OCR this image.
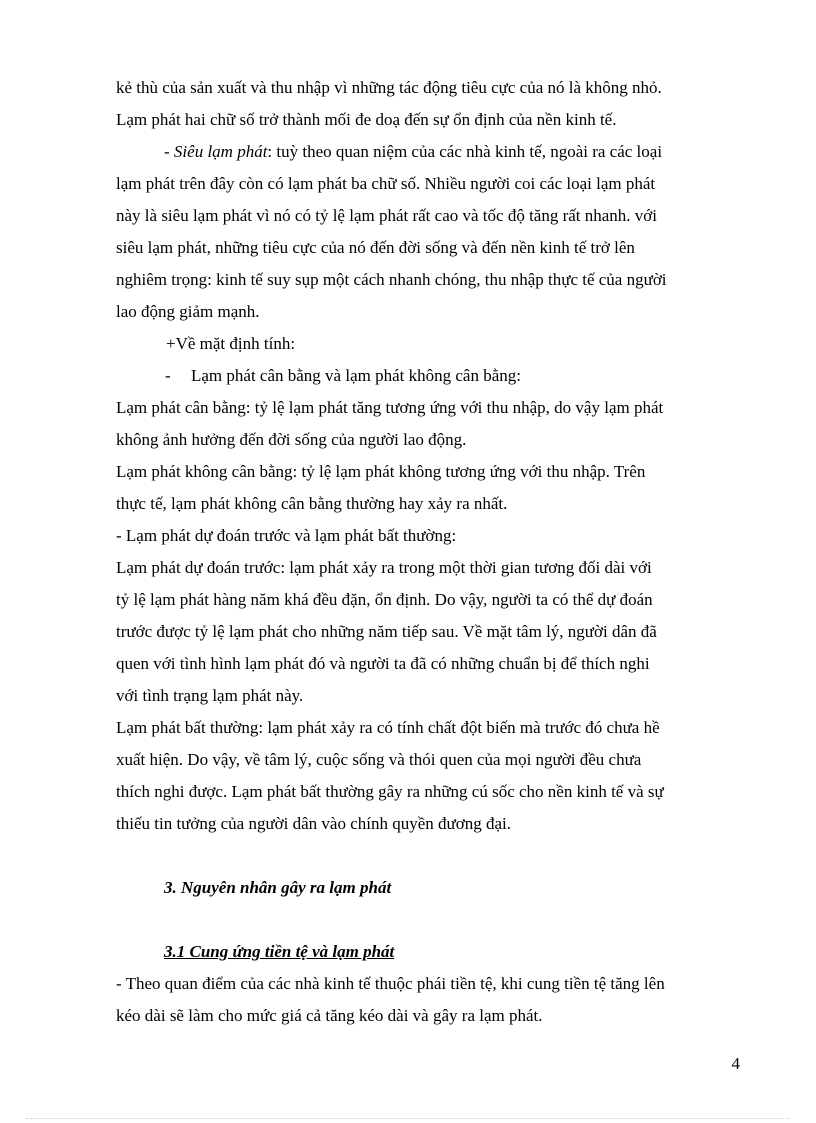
kẻ thù của sản xuất và thu nhập vì những tác động tiêu cực của nó là không nhỏ.

Lạm phát hai chữ số trở thành mối đe doạ đến sự ổn định của nền kinh tế.

- Siêu lạm phát: tuỳ theo quan niệm của các nhà kinh tế, ngoài ra các loại

lạm phát trên đây còn có lạm phát ba chữ số. Nhiều người coi các loại lạm phát

này là siêu lạm phát vì nó có tỷ lệ lạm phát rất cao và tốc độ tăng rất nhanh. với

siêu lạm phát, những tiêu cực của nó đến đời sống và đến nền kinh tế trở lên

nghiêm trọng: kinh tế suy sụp một cách nhanh chóng, thu nhập thực tế của người

lao động giảm mạnh.

+Về mặt định tính:

-	Lạm phát cân bằng và lạm phát không cân bằng:

Lạm phát cân bằng: tỷ lệ lạm phát tăng tương ứng với thu nhập, do vậy lạm phát

không ảnh hưởng đến đời sống của người lao động.

Lạm phát không cân bằng: tỷ lệ lạm phát không tương ứng với thu nhập. Trên

thực tế, lạm phát không cân bằng thường hay xảy ra nhất.

- Lạm phát dự đoán trước và lạm phát bất thường:

Lạm phát dự đoán trước: lạm phát xảy ra trong một thời gian tương đối dài với

tỷ lệ lạm phát hàng năm khá đều đặn, ổn định. Do vậy, người ta có thể dự đoán

trước được tỷ lệ lạm phát cho những năm tiếp sau. Về mặt tâm lý, người dân đã

quen với tình hình lạm phát đó và người ta đã có những chuẩn bị để thích nghi

với tình trạng lạm phát này.

Lạm phát bất thường: lạm phát xảy ra có tính chất đột biến mà trước đó chưa hề

xuất hiện. Do vậy, về tâm lý, cuộc sống và thói quen của mọi người đều chưa

thích nghi được. Lạm phát bất thường gây ra những cú sốc cho nền kinh tế và sự

thiếu tin tưởng của người dân vào chính quyền đương đại.

3. Nguyên nhân gây ra lạm phát

3.1 Cung ứng tiền tệ và lạm phát

- Theo quan điểm của các nhà kinh tế thuộc phái tiền tệ, khi cung tiền tệ tăng lên

kéo dài sẽ làm cho mức giá cả tăng kéo dài và gây ra lạm phát.

4
